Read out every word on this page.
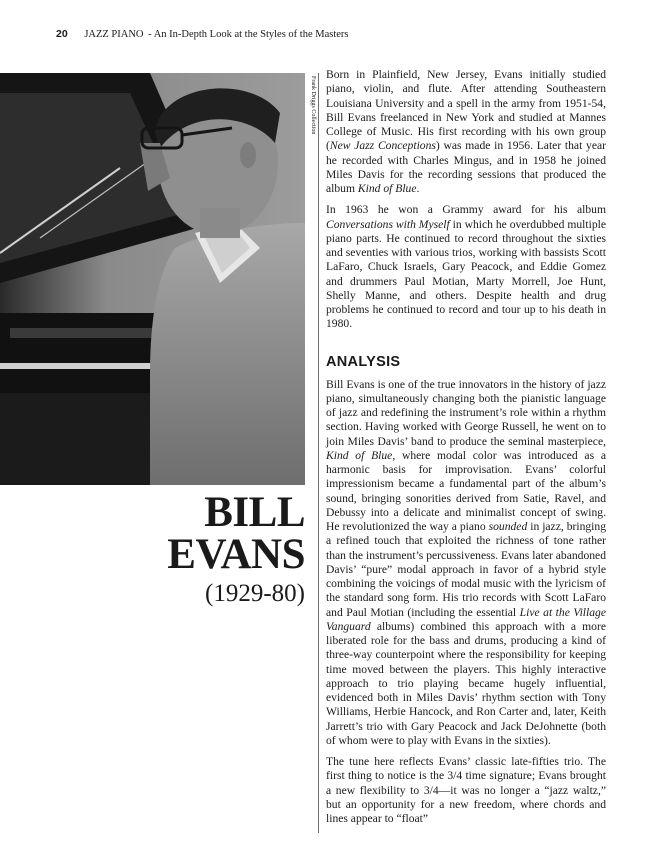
20 JAZZ PIANO - An In-Depth Look at the Styles of the Masters
Frank Driggs Collection
BILL
EVANS
(1929-80)

Born in Plainfield, New Jersey, Evans initially studied piano, violin, and flute. After attending Southeastern Louisiana University and a spell in the army from 1951-54, Bill Evans freelanced in New York and studied at Mannes College of Music. His first recording with his own group (New Jazz Conceptions) was made in 1956. Later that year he recorded with Charles Mingus, and in 1958 he joined Miles Davis for the recording sessions that produced the album Kind of Blue.

In 1963 he won a Grammy award for his album Conversations with Myself in which he overdubbed multiple piano parts. He continued to record throughout the sixties and seventies with various trios, working with bassists Scott LaFaro, Chuck Israels, Gary Peacock, and Eddie Gomez and drummers Paul Motian, Marty Morrell, Joe Hunt, Shelly Manne, and others. Despite health and drug problems he continued to record and tour up to his death in 1980.

ANALYSIS

Bill Evans is one of the true innovators in the history of jazz piano, simultaneously changing both the pianistic language of jazz and redefining the instrument’s role within a rhythm section. Having worked with George Russell, he went on to join Miles Davis’ band to produce the seminal masterpiece, Kind of Blue, where modal color was introduced as a harmonic basis for improvisation. Evans’ colorful impressionism became a fundamental part of the album’s sound, bringing sonorities derived from Satie, Ravel, and Debussy into a delicate and minimalist concept of swing. He revolutionized the way a piano sounded in jazz, bringing a refined touch that exploited the richness of tone rather than the instrument’s percussiveness. Evans later abandoned Davis’ “pure” modal approach in favor of a hybrid style combining the voicings of modal music with the lyricism of the standard song form. His trio records with Scott LaFaro and Paul Motian (including the essential Live at the Village Vanguard albums) combined this approach with a more liberated role for the bass and drums, producing a kind of three-way counterpoint where the responsibility for keeping time moved between the players. This highly interactive approach to trio playing became hugely influential, evidenced both in Miles Davis’ rhythm section with Tony Williams, Herbie Hancock, and Ron Carter and, later, Keith Jarrett’s trio with Gary Peacock and Jack DeJohnette (both of whom were to play with Evans in the sixties).

The tune here reflects Evans’ classic late-fifties trio. The first thing to notice is the 3/4 time signature; Evans brought a new flexibility to 3/4—it was no longer a “jazz waltz,” but an opportunity for a new freedom, where chords and lines appear to “float”
